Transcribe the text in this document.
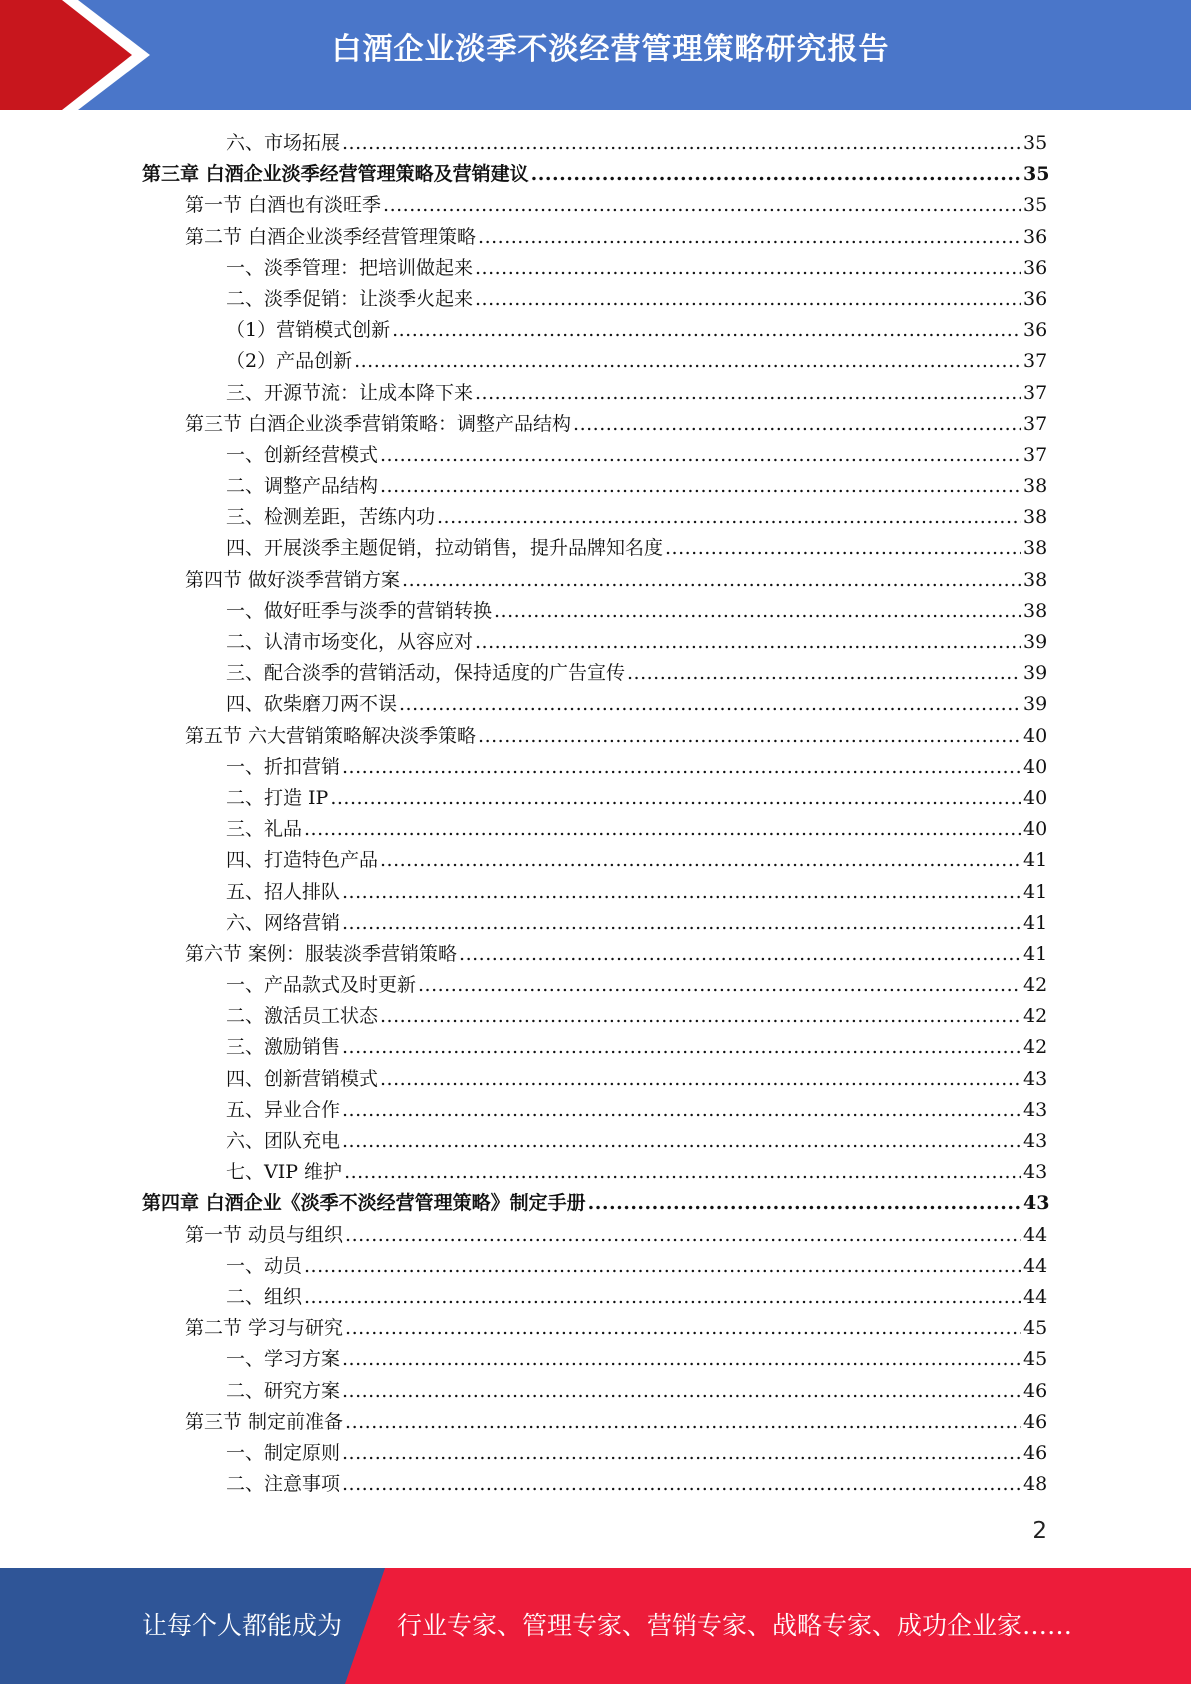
白酒企业淡季不淡经营管理策略研究报告
六、市场拓展 .....	35
第三章 白酒企业淡季经营管理策略及营销建议 .....	35
第一节 白酒也有淡旺季 .....	35
第二节 白酒企业淡季经营管理策略 .....	36
一、淡季管理：把培训做起来 .....	36
二、淡季促销：让淡季火起来 .....	36
（1）营销模式创新 .....	36
（2）产品创新 .....	37
三、开源节流：让成本降下来 .....	37
第三节 白酒企业淡季营销策略：调整产品结构 .....	37
一、创新经营模式 .....	37
二、调整产品结构 .....	38
三、检测差距，苦练内功 .....	38
四、开展淡季主题促销，拉动销售，提升品牌知名度 .....	38
第四节 做好淡季营销方案 .....	38
一、做好旺季与淡季的营销转换 .....	38
二、认清市场变化，从容应对 .....	39
三、配合淡季的营销活动，保持适度的广告宣传 .....	39
四、砍柴磨刀两不误 .....	39
第五节 六大营销策略解决淡季策略 .....	40
一、折扣营销 .....	40
二、打造 IP .....	40
三、礼品 .....	40
四、打造特色产品 .....	41
五、招人排队 .....	41
六、网络营销 .....	41
第六节 案例：服装淡季营销策略 .....	41
一、产品款式及时更新 .....	42
二、激活员工状态 .....	42
三、激励销售 .....	42
四、创新营销模式 .....	43
五、异业合作 .....	43
六、团队充电 .....	43
七、VIP 维护 .....	43
第四章 白酒企业《淡季不淡经营管理策略》制定手册 .....	43
第一节 动员与组织 .....	44
一、动员 .....	44
二、组织 .....	44
第二节 学习与研究 .....	45
一、学习方案 .....	45
二、研究方案 .....	46
第三节 制定前准备 .....	46
一、制定原则 .....	46
二、注意事项 .....	48
2
让每个人都能成为 行业专家、管理专家、营销专家、战略专家、成功企业家……
